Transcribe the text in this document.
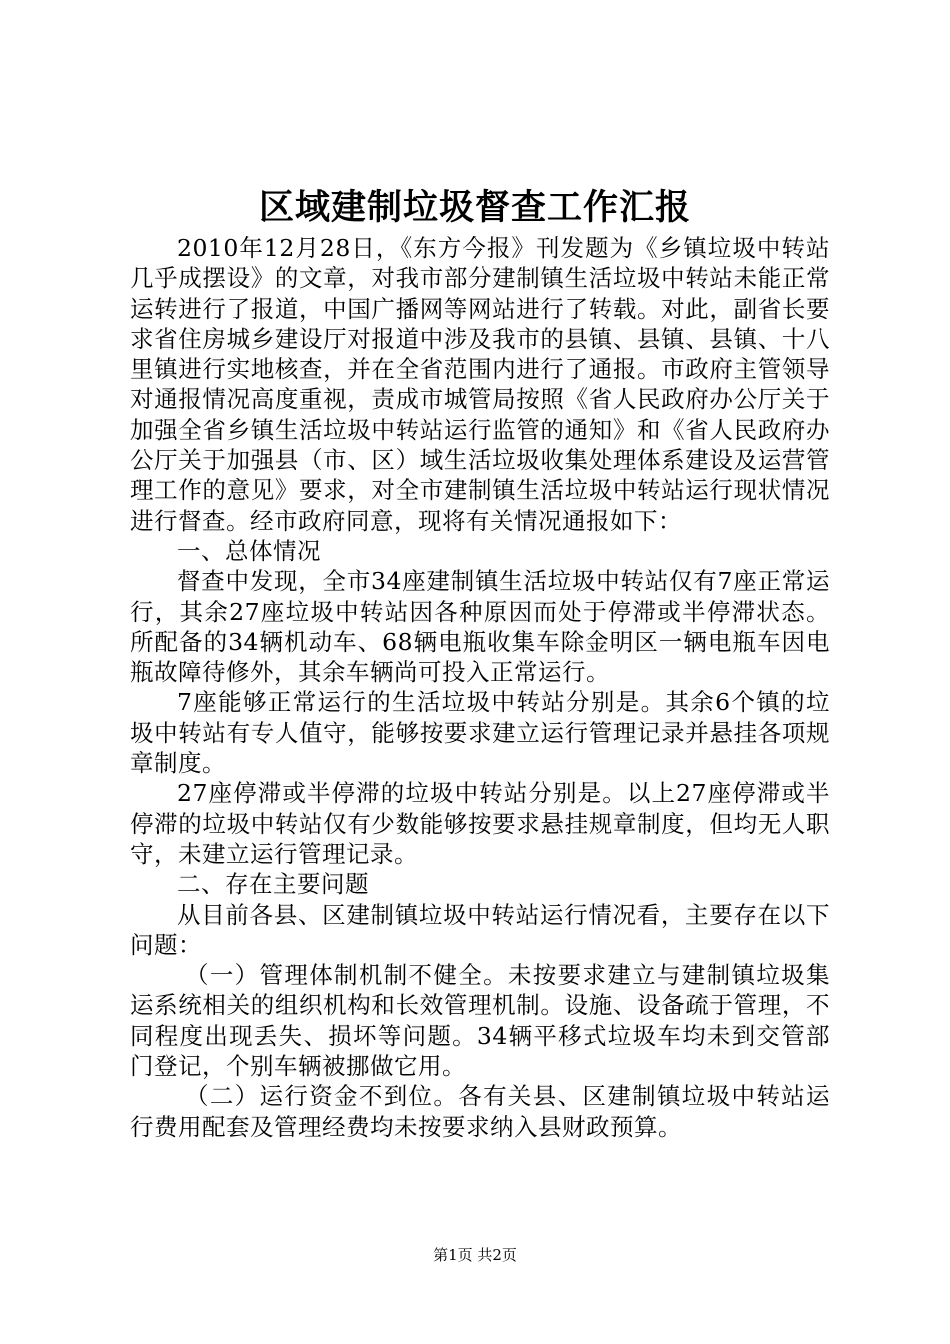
区域建制垃圾督查工作汇报

2010年12月28日，《东方今报》刊发题为《乡镇垃圾中转站几乎成摆设》的文章，对我市部分建制镇生活垃圾中转站未能正常运转进行了报道，中国广播网等网站进行了转载。对此，副省长要求省住房城乡建设厅对报道中涉及我市的县镇、县镇、县镇、十八里镇进行实地核查，并在全省范围内进行了通报。市政府主管领导对通报情况高度重视，责成市城管局按照《省人民政府办公厅关于加强全省乡镇生活垃圾中转站运行监管的通知》和《省人民政府办公厅关于加强县（市、区）域生活垃圾收集处理体系建设及运营管理工作的意见》要求，对全市建制镇生活垃圾中转站运行现状情况进行督查。经市政府同意，现将有关情况通报如下：

一、总体情况

督查中发现，全市34座建制镇生活垃圾中转站仅有7座正常运行，其余27座垃圾中转站因各种原因而处于停滞或半停滞状态。所配备的34辆机动车、68辆电瓶收集车除金明区一辆电瓶车因电瓶故障待修外，其余车辆尚可投入正常运行。

7座能够正常运行的生活垃圾中转站分别是。其余6个镇的垃圾中转站有专人值守，能够按要求建立运行管理记录并悬挂各项规章制度。

27座停滞或半停滞的垃圾中转站分别是。以上27座停滞或半停滞的垃圾中转站仅有少数能够按要求悬挂规章制度，但均无人职守，未建立运行管理记录。

二、存在主要问题

从目前各县、区建制镇垃圾中转站运行情况看，主要存在以下问题：

（一）管理体制机制不健全。未按要求建立与建制镇垃圾集运系统相关的组织机构和长效管理机制。设施、设备疏于管理，不同程度出现丢失、损坏等问题。34辆平移式垃圾车均未到交管部门登记，个别车辆被挪做它用。

（二）运行资金不到位。各有关县、区建制镇垃圾中转站运行费用配套及管理经费均未按要求纳入县财政预算。

第1页 共2页
